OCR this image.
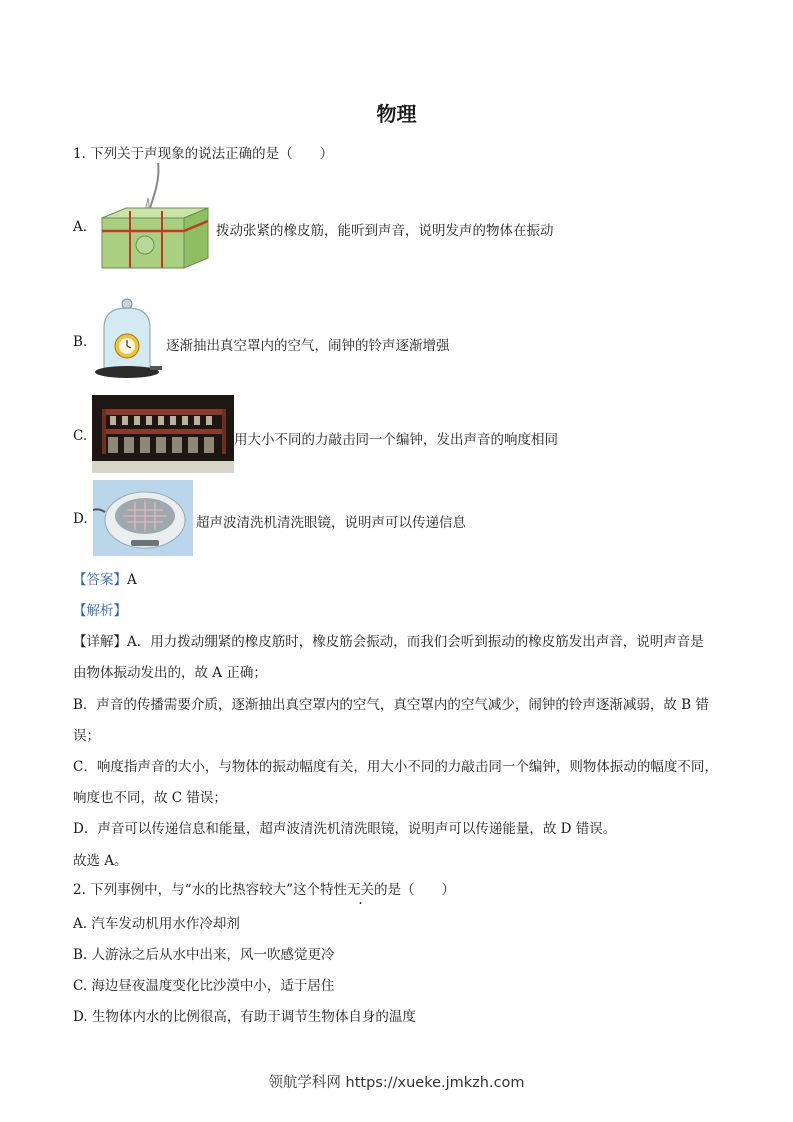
物理
1. 下列关于声现象的说法正确的是（　　）
A.	拨动张紧的橡皮筋，能听到声音，说明发声的物体在振动
B.	逐渐抽出真空罩内的空气，闹钟的铃声逐渐增强
C.	用大小不同的力敲击同一个编钟，发出声音的响度相同
D.	超声波清洗机清洗眼镜，说明声可以传递信息
【答案】A
【解析】
【详解】A．用力拨动绷紧的橡皮筋时，橡皮筋会振动，而我们会听到振动的橡皮筋发出声音，说明声音是
由物体振动发出的，故 A 正确；
B．声音的传播需要介质，逐渐抽出真空罩内的空气，真空罩内的空气减少，闹钟的铃声逐渐减弱，故 B 错
误；
C．响度指声音的大小，与物体的振动幅度有关，用大小不同的力敲击同一个编钟，则物体振动的幅度不同，
响度也不同，故 C 错误；
D．声音可以传递信息和能量，超声波清洗机清洗眼镜，说明声可以传递能量，故 D 错误。
故选 A。
2. 下列事例中，与“水的比热容较大”这个特性无关的是（　　）
A. 汽车发动机用水作冷却剂
B. 人游泳之后从水中出来，风一吹感觉更冷
C. 海边昼夜温度变化比沙漠中小，适于居住
D. 生物体内水的比例很高，有助于调节生物体自身的温度
领航学科网 https://xueke.jmkzh.com
